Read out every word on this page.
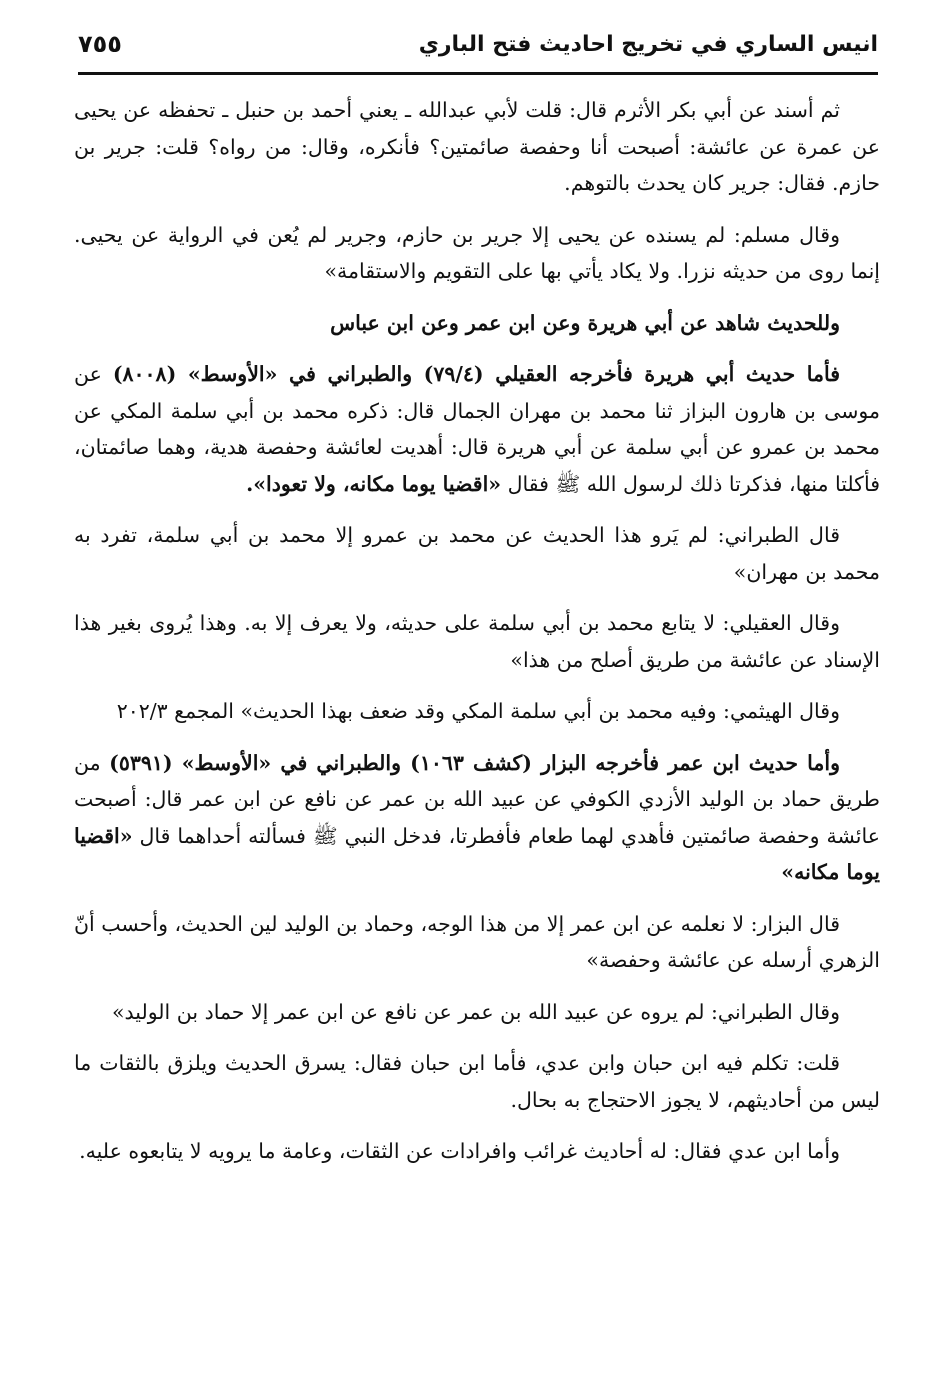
انيس الساري في تخريج احاديث فتح الباري
٧٥٥

ثم أسند عن أبي بكر الأثرم قال: قلت لأبي عبدالله ـ يعني أحمد بن حنبل ـ تحفظه عن يحيى عن عمرة عن عائشة: أصبحت أنا وحفصة صائمتين؟ فأنكره، وقال: من رواه؟ قلت: جرير بن حازم. فقال: جرير كان يحدث بالتوهم.

وقال مسلم: لم يسنده عن يحيى إلا جرير بن حازم، وجرير لم يُعن في الرواية عن يحيى. إنما روى من حديثه نزرا. ولا يكاد يأتي بها على التقويم والاستقامة»

وللحديث شاهد عن أبي هريرة وعن ابن عمر وعن ابن عباس

فأما حديث أبي هريرة فأخرجه العقيلي (٧٩/٤) والطبراني في «الأوسط» (٨٠٠٨) عن موسى بن هارون البزاز ثنا محمد بن مهران الجمال قال: ذكره محمد بن أبي سلمة المكي عن محمد بن عمرو عن أبي سلمة عن أبي هريرة قال: أهديت لعائشة وحفصة هدية، وهما صائمتان، فأكلتا منها، فذكرتا ذلك لرسول الله ﷺ فقال «اقضيا يوما مكانه، ولا تعودا».

قال الطبراني: لم يَرو هذا الحديث عن محمد بن عمرو إلا محمد بن أبي سلمة، تفرد به محمد بن مهران»

وقال العقيلي: لا يتابع محمد بن أبي سلمة على حديثه، ولا يعرف إلا به. وهذا يُروى بغير هذا الإسناد عن عائشة من طريق أصلح من هذا»

وقال الهيثمي: وفيه محمد بن أبي سلمة المكي وقد ضعف بهذا الحديث» المجمع ٢٠٢/٣

وأما حديث ابن عمر فأخرجه البزار (كشف ١٠٦٣) والطبراني في «الأوسط» (٥٣٩١) من طريق حماد بن الوليد الأزدي الكوفي عن عبيد الله بن عمر عن نافع عن ابن عمر قال: أصبحت عائشة وحفصة صائمتين فأهدي لهما طعام فأفطرتا، فدخل النبي ﷺ فسألته أحداهما قال «اقضيا يوما مكانه»

قال البزار: لا نعلمه عن ابن عمر إلا من هذا الوجه، وحماد بن الوليد لين الحديث، وأحسب أنّ الزهري أرسله عن عائشة وحفصة»

وقال الطبراني: لم يروه عن عبيد الله بن عمر عن نافع عن ابن عمر إلا حماد بن الوليد»

قلت: تكلم فيه ابن حبان وابن عدي، فأما ابن حبان فقال: يسرق الحديث ويلزق بالثقات ما ليس من أحاديثهم، لا يجوز الاحتجاج به بحال.

وأما ابن عدي فقال: له أحاديث غرائب وافرادات عن الثقات، وعامة ما يرويه لا يتابعوه عليه.
